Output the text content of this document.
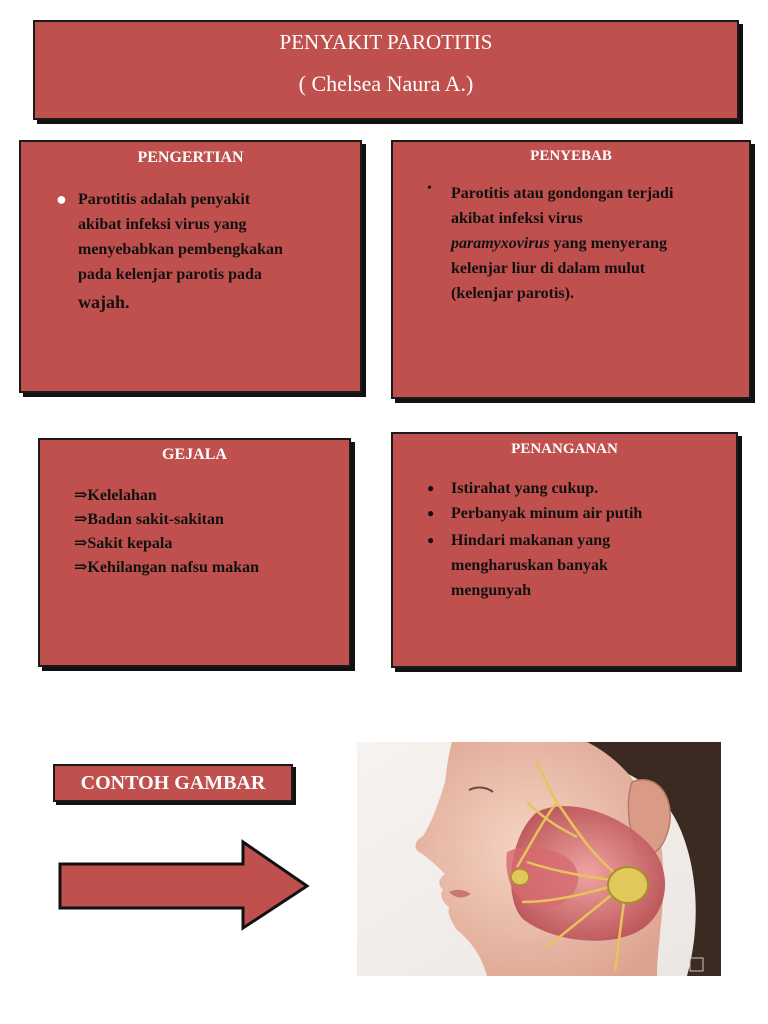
PENYAKIT PAROTITIS
( Chelsea Naura A.)
PENGERTIAN
● Parotitis adalah penyakit
akibat infeksi virus yang
menyebabkan pembengkakan
pada kelenjar parotis pada
wajah.
PENYEBAB
• Parotitis atau gondongan terjadi
akibat infeksi virus
paramyxovirus yang menyerang
kelenjar liur di dalam mulut
(kelenjar parotis).
GEJALA
⇒Kelelahan
⇒Badan sakit-sakitan
⇒Sakit kepala
⇒Kehilangan nafsu makan
PENANGANAN
● Istirahat yang cukup.
● Perbanyak minum air putih
● Hindari makanan yang
mengharuskan banyak
mengunyah
CONTOH GAMBAR
